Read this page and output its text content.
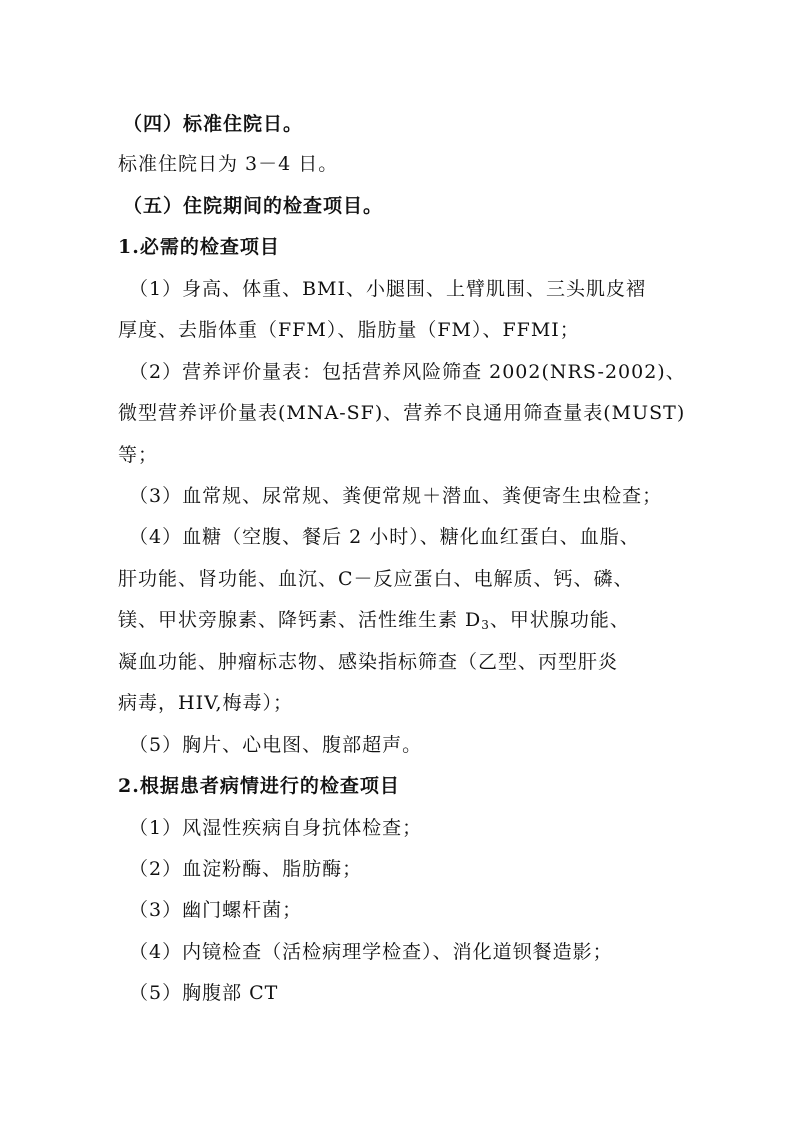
（四）标准住院日。
标准住院日为 3－4 日。
（五）住院期间的检查项目。
1.必需的检查项目
（1）身高、体重、BMI、小腿围、上臂肌围、三头肌皮褶
厚度、去脂体重（FFM）、脂肪量（FM）、FFMI；
（2）营养评价量表：包括营养风险筛查 2002(NRS-2002)、
微型营养评价量表(MNA-SF)、营养不良通用筛查量表(MUST)
等；
（3）血常规、尿常规、粪便常规＋潜血、粪便寄生虫检查；
（4）血糖（空腹、餐后 2 小时）、糖化血红蛋白、血脂、
肝功能、肾功能、血沉、C－反应蛋白、电解质、钙、磷、
镁、甲状旁腺素、降钙素、活性维生素 $D_3$、甲状腺功能、
凝血功能、肿瘤标志物、感染指标筛查（乙型、丙型肝炎
病毒，HIV,梅毒）；
（5）胸片、心电图、腹部超声。
2.根据患者病情进行的检查项目
（1）风湿性疾病自身抗体检查；
（2）血淀粉酶、脂肪酶；
（3）幽门螺杆菌；
（4）内镜检查（活检病理学检查）、消化道钡餐造影；
（5）胸腹部 CT
